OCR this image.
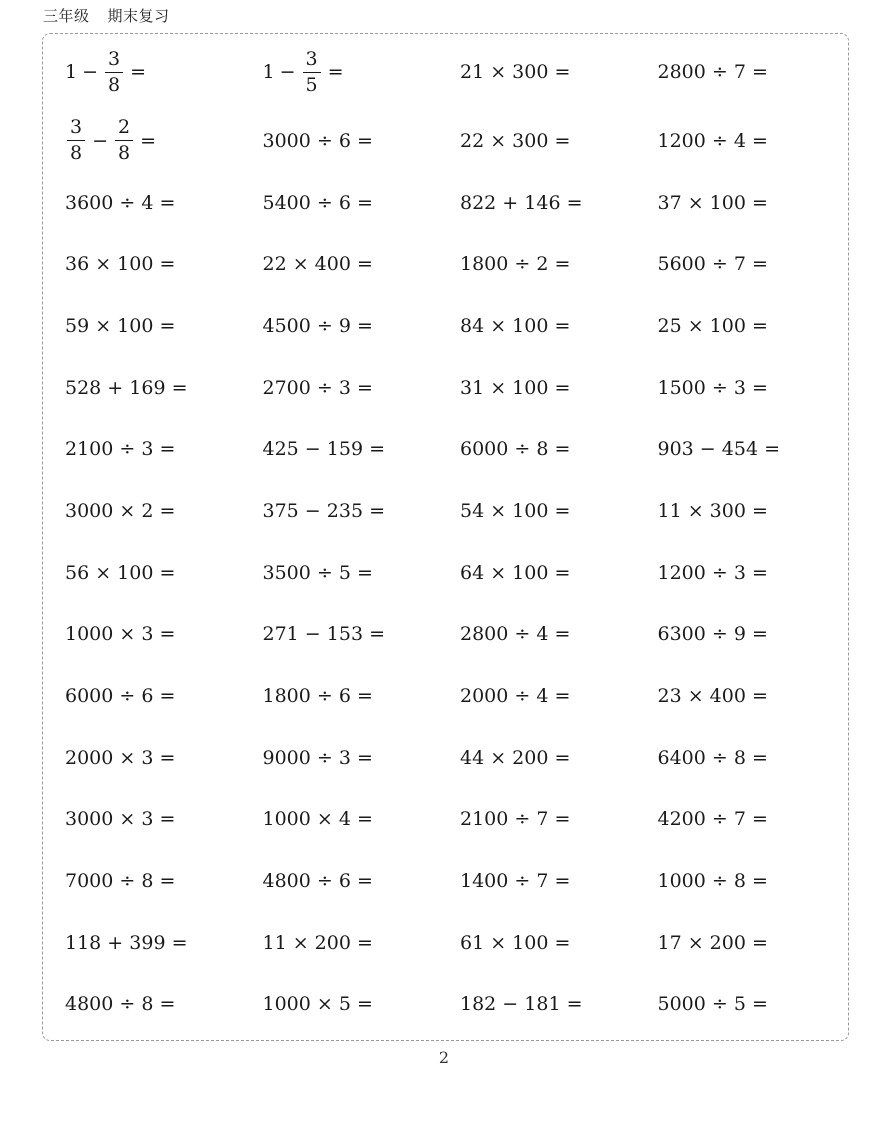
三年级 期末复习
$1 - \frac{3}{8}$ =	$1 - \frac{3}{5}$ =	21 × 300 =	2800 ÷ 7 =
$\frac{3}{8} - \frac{2}{8}$ =	3000 ÷ 6 =	22 × 300 =	1200 ÷ 4 =
3600 ÷ 4 =	5400 ÷ 6 =	822 + 146 =	37 × 100 =
36 × 100 =	22 × 400 =	1800 ÷ 2 =	5600 ÷ 7 =
59 × 100 =	4500 ÷ 9 =	84 × 100 =	25 × 100 =
528 + 169 =	2700 ÷ 3 =	31 × 100 =	1500 ÷ 3 =
2100 ÷ 3 =	425 − 159 =	6000 ÷ 8 =	903 − 454 =
3000 × 2 =	375 − 235 =	54 × 100 =	11 × 300 =
56 × 100 =	3500 ÷ 5 =	64 × 100 =	1200 ÷ 3 =
1000 × 3 =	271 − 153 =	2800 ÷ 4 =	6300 ÷ 9 =
6000 ÷ 6 =	1800 ÷ 6 =	2000 ÷ 4 =	23 × 400 =
2000 × 3 =	9000 ÷ 3 =	44 × 200 =	6400 ÷ 8 =
3000 × 3 =	1000 × 4 =	2100 ÷ 7 =	4200 ÷ 7 =
7000 ÷ 8 =	4800 ÷ 6 =	1400 ÷ 7 =	1000 ÷ 8 =
118 + 399 =	11 × 200 =	61 × 100 =	17 × 200 =
4800 ÷ 8 =	1000 × 5 =	182 − 181 =	5000 ÷ 5 =
2
